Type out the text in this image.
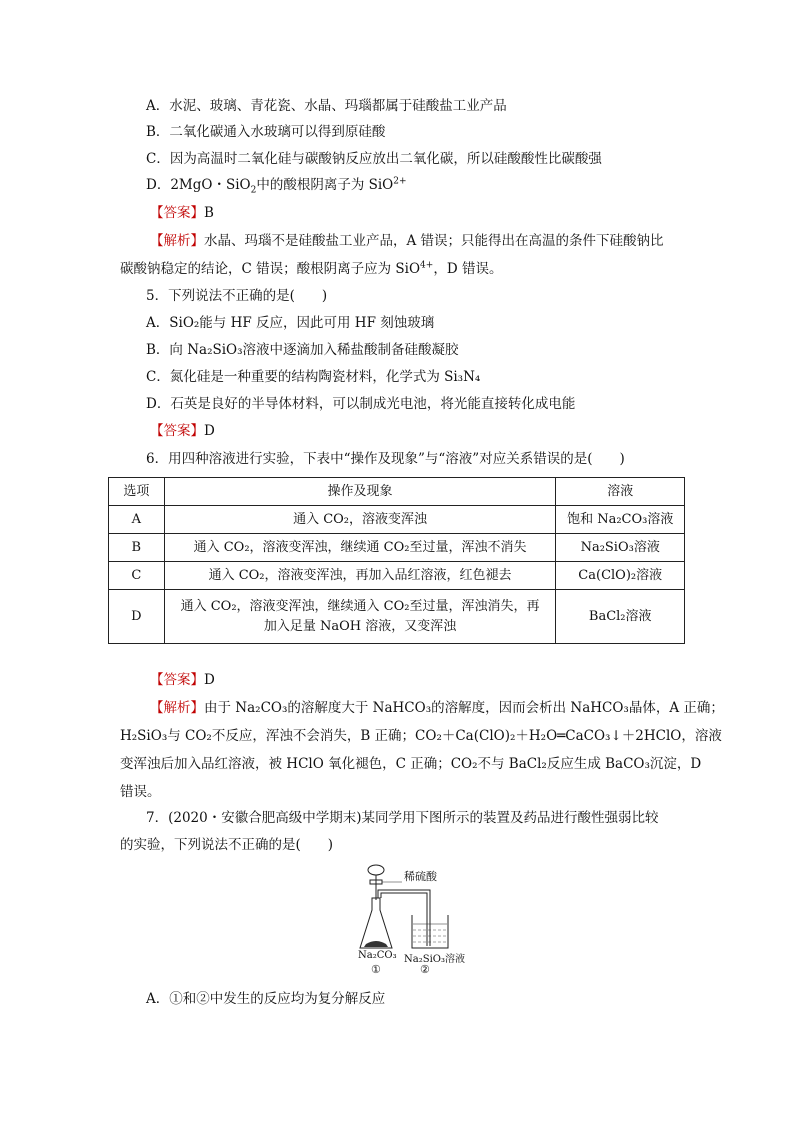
A．水泥、玻璃、青花瓷、水晶、玛瑙都属于硅酸盐工业产品
B．二氧化碳通入水玻璃可以得到原硅酸
C．因为高温时二氧化硅与碳酸钠反应放出二氧化碳，所以硅酸酸性比碳酸强
D．2MgO・SiO$_2$中的酸根阴离子为 SiO$^{2+}$
【答案】B
【解析】水晶、玛瑙不是硅酸盐工业产品，A 错误；只能得出在高温的条件下硅酸钠比
碳酸钠稳定的结论，C 错误；酸根阴离子应为 SiO$^{4+}$，D 错误。
5．下列说法不正确的是(　　)
A．SiO₂能与 HF 反应，因此可用 HF 刻蚀玻璃
B．向 Na₂SiO₃溶液中逐滴加入稀盐酸制备硅酸凝胶
C．氮化硅是一种重要的结构陶瓷材料，化学式为 Si₃N₄
D．石英是良好的半导体材料，可以制成光电池，将光能直接转化成电能
【答案】D
6．用四种溶液进行实验，下表中“操作及现象”与“溶液”对应关系错误的是(　　)
选项	操作及现象	溶液
A	通入 CO₂，溶液变浑浊	饱和 Na₂CO₃溶液
B	通入 CO₂，溶液变浑浊，继续通 CO₂至过量，浑浊不消失	Na₂SiO₃溶液
C	通入 CO₂，溶液变浑浊，再加入品红溶液，红色褪去	Ca(ClO)₂溶液
D	通入 CO₂，溶液变浑浊，继续通入 CO₂至过量，浑浊消失，再加入足量 NaOH 溶液，又变浑浊	BaCl₂溶液
【答案】D
【解析】由于 Na₂CO₃的溶解度大于 NaHCO₃的溶解度，因而会析出 NaHCO₃晶体，A 正确；
H₂SiO₃与 CO₂不反应，浑浊不会消失，B 正确；CO₂＋Ca(ClO)₂＋H₂O═CaCO₃↓＋2HClO，溶液
变浑浊后加入品红溶液，被 HClO 氧化褪色，C 正确；CO₂不与 BaCl₂反应生成 BaCO₃沉淀，D
错误。
7．(2020・安徽合肥高级中学期末)某同学用下图所示的装置及药品进行酸性强弱比较
的实验，下列说法不正确的是(　　)
稀硫酸
Na₂CO₃ Na₂SiO₃溶液
①	②
A．①和②中发生的反应均为复分解反应
